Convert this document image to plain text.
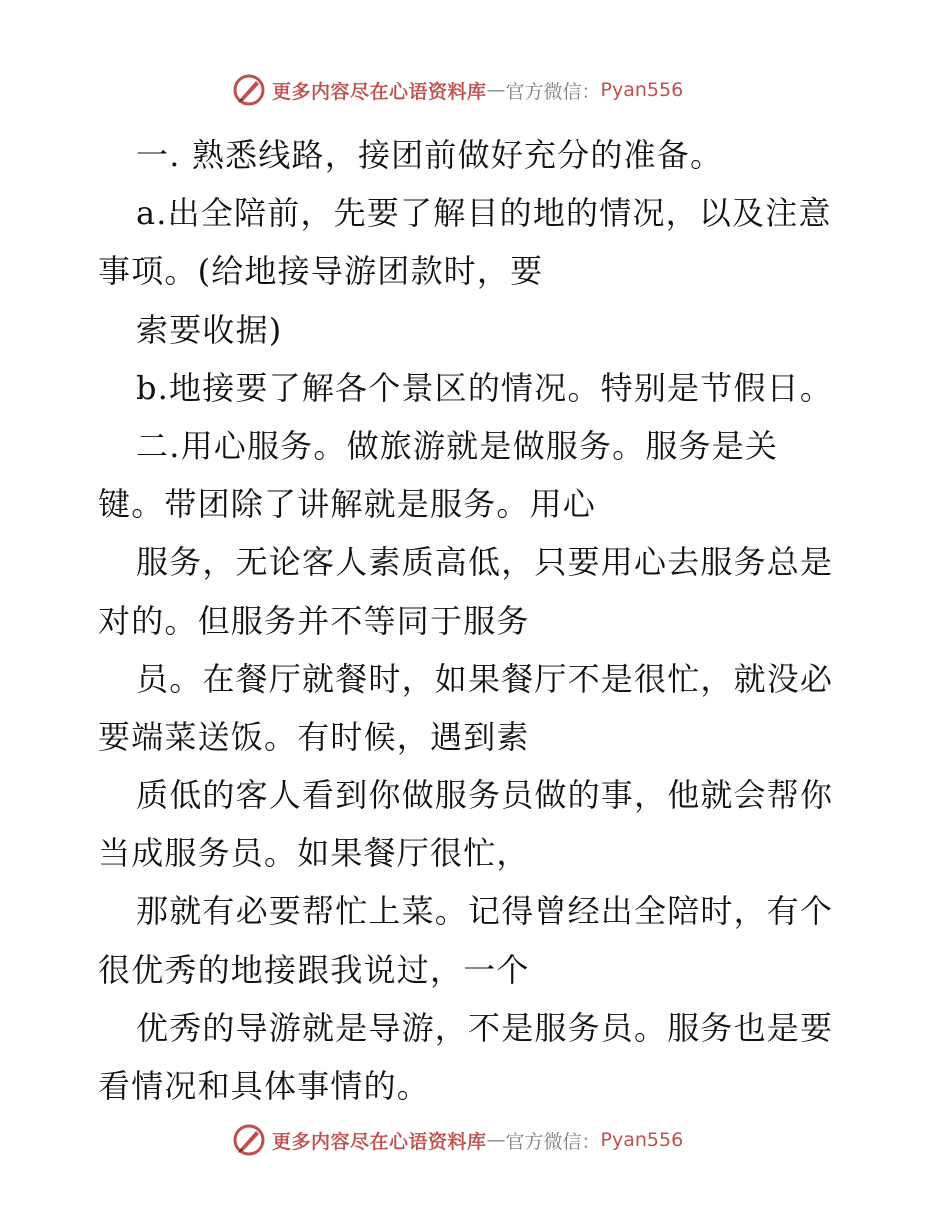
更多内容尽在心语资料库 — 官方微信： Pyan556
一. 熟悉线路，接团前做好充分的准备。
a.出全陪前，先要了解目的地的情况，以及注意
事项。(给地接导游团款时，要
索要收据)
b.地接要了解各个景区的情况。特别是节假日。
二.用心服务。做旅游就是做服务。服务是关
键。带团除了讲解就是服务。用心
服务，无论客人素质高低，只要用心去服务总是
对的。但服务并不等同于服务
员。在餐厅就餐时，如果餐厅不是很忙，就没必
要端菜送饭。有时候，遇到素
质低的客人看到你做服务员做的事，他就会帮你
当成服务员。如果餐厅很忙，
那就有必要帮忙上菜。记得曾经出全陪时，有个
很优秀的地接跟我说过，一个
优秀的导游就是导游，不是服务员。服务也是要
看情况和具体事情的。
更多内容尽在心语资料库 — 官方微信： Pyan556
